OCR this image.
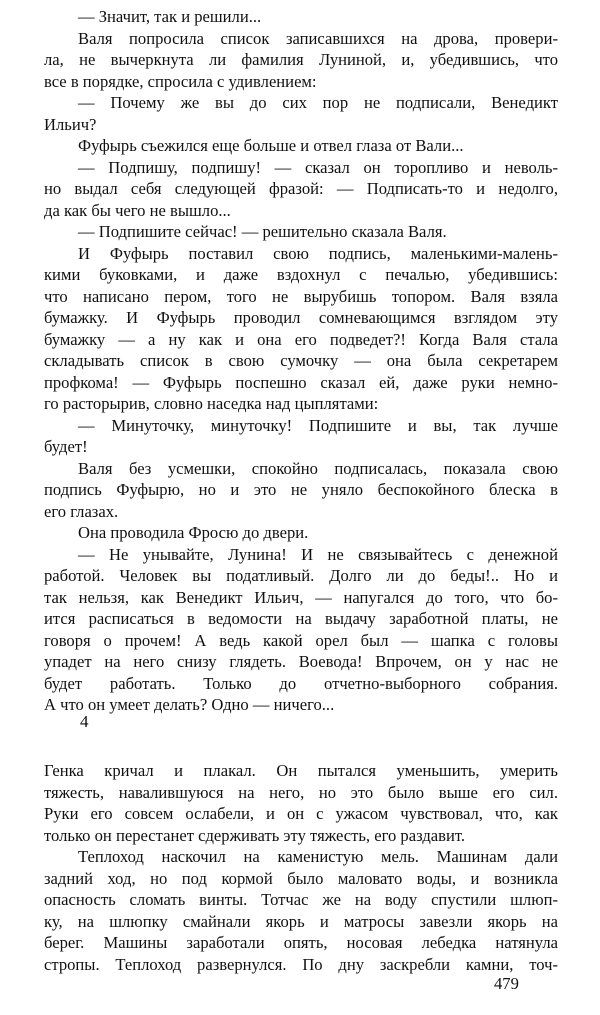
— Значит, так и решили...
Валя попросила список записавшихся на дрова, провери-
ла, не вычеркнута ли фамилия Луниной, и, убедившись, что
все в порядке, спросила с удивлением:
— Почему же вы до сих пор не подписали, Венедикт
Ильич?
Фуфырь съежился еще больше и отвел глаза от Вали...
— Подпишу, подпишу! — сказал он торопливо и неволь-
но выдал себя следующей фразой: — Подписать-то и недолго,
да как бы чего не вышло...
— Подпишите сейчас! — решительно сказала Валя.
И Фуфырь поставил свою подпись, маленькими-малень-
кими буковками, и даже вздохнул с печалью, убедившись:
что написано пером, того не вырубишь топором. Валя взяла
бумажку. И Фуфырь проводил сомневающимся взглядом эту
бумажку — а ну как и она его подведет?! Когда Валя стала
складывать список в свою сумочку — она была секретарем
профкома! — Фуфырь поспешно сказал ей, даже руки немно-
го расторырив, словно наседка над цыплятами:
— Минуточку, минуточку! Подпишите и вы, так лучше
будет!
Валя без усмешки, спокойно подписалась, показала свою
подпись Фуфырю, но и это не уняло беспокойного блеска в
его глазах.
Она проводила Фросю до двери.
— Не унывайте, Лунина! И не связывайтесь с денежной
работой. Человек вы податливый. Долго ли до беды!.. Но и
так нельзя, как Венедикт Ильич, — напугался до того, что бо-
ится расписаться в ведомости на выдачу заработной платы, не
говоря о прочем! А ведь какой орел был — шапка с головы
упадет на него снизу глядеть. Воевода! Впрочем, он у нас не
будет работать. Только до отчетно-выборного собрания.
А что он умеет делать? Одно — ничего...
4
Генка кричал и плакал. Он пытался уменьшить, умерить
тяжесть, навалившуюся на него, но это было выше его сил.
Руки его совсем ослабели, и он с ужасом чувствовал, что, как
только он перестанет сдерживать эту тяжесть, его раздавит.
Теплоход наскочил на каменистую мель. Машинам дали
задний ход, но под кормой было маловато воды, и возникла
опасность сломать винты. Тотчас же на воду спустили шлюп-
ку, на шлюпку смайнали якорь и матросы завезли якорь на
берег. Машины заработали опять, носовая лебедка натянула
стропы. Теплоход развернулся. По дну заскребли камни, точ-
479
